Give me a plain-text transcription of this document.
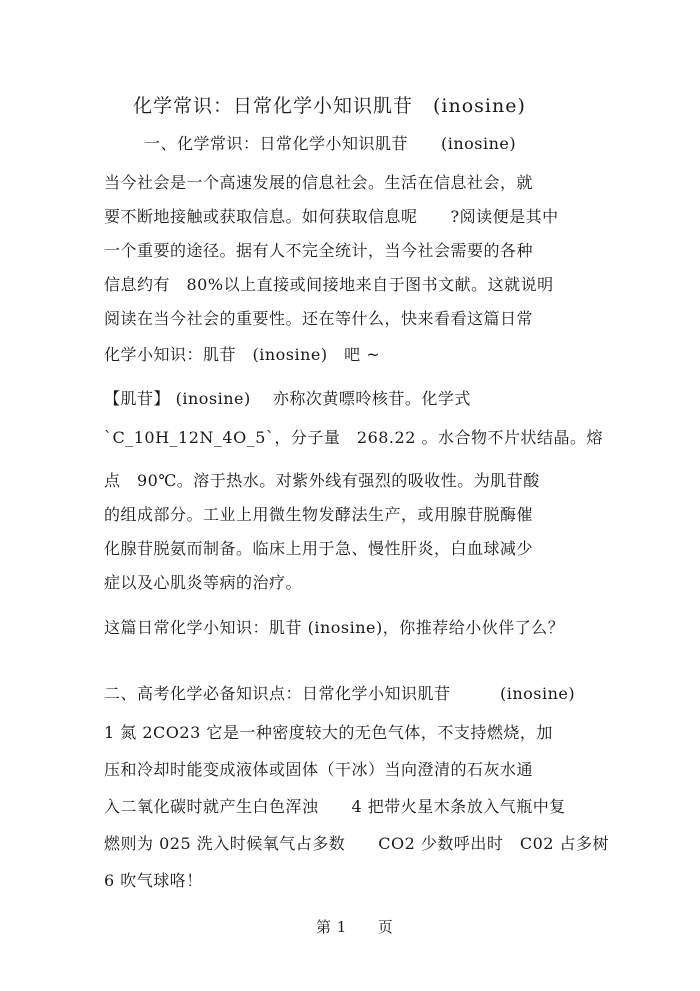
化学常识：日常化学小知识肌苷　(inosine)
一、化学常识：日常化学小知识肌苷　　(inosine)
当今社会是一个高速发展的信息社会。生活在信息社会，就
要不断地接触或获取信息。如何获取信息呢　　?阅读便是其中
一个重要的途径。据有人不完全统计，当今社会需要的各种
信息约有　80%以上直接或间接地来自于图书文献。这就说明
阅读在当今社会的重要性。还在等什么，快来看看这篇日常
化学小知识：肌苷　(inosine)　吧 ~
【肌苷】 (inosine)　 亦称次黄嘌呤核苷。化学式
`C_10H_12N_4O_5`，分子量　268.22 。水合物不片状结晶。熔
点　90℃。溶于热水。对紫外线有强烈的吸收性。为肌苷酸
的组成部分。工业上用微生物发酵法生产，或用腺苷脱酶催
化腺苷脱氨而制备。临床上用于急、慢性肝炎，白血球减少
症以及心肌炎等病的治疗。
这篇日常化学小知识：肌苷 (inosine)，你推荐给小伙伴了么？
二、高考化学必备知识点：日常化学小知识肌苷　　　(inosine)
1 氮 2CO23 它是一种密度较大的无色气体，不支持燃烧，加
压和冷却时能变成液体或固体（干冰）当向澄清的石灰水通
入二氧化碳时就产生白色浑浊　　4 把带火星木条放入气瓶中复
燃则为 025 洗入时候氧气占多数　　CO2 少数呼出时　C02 占多树
6 吹气球咯！
第 1　　页
